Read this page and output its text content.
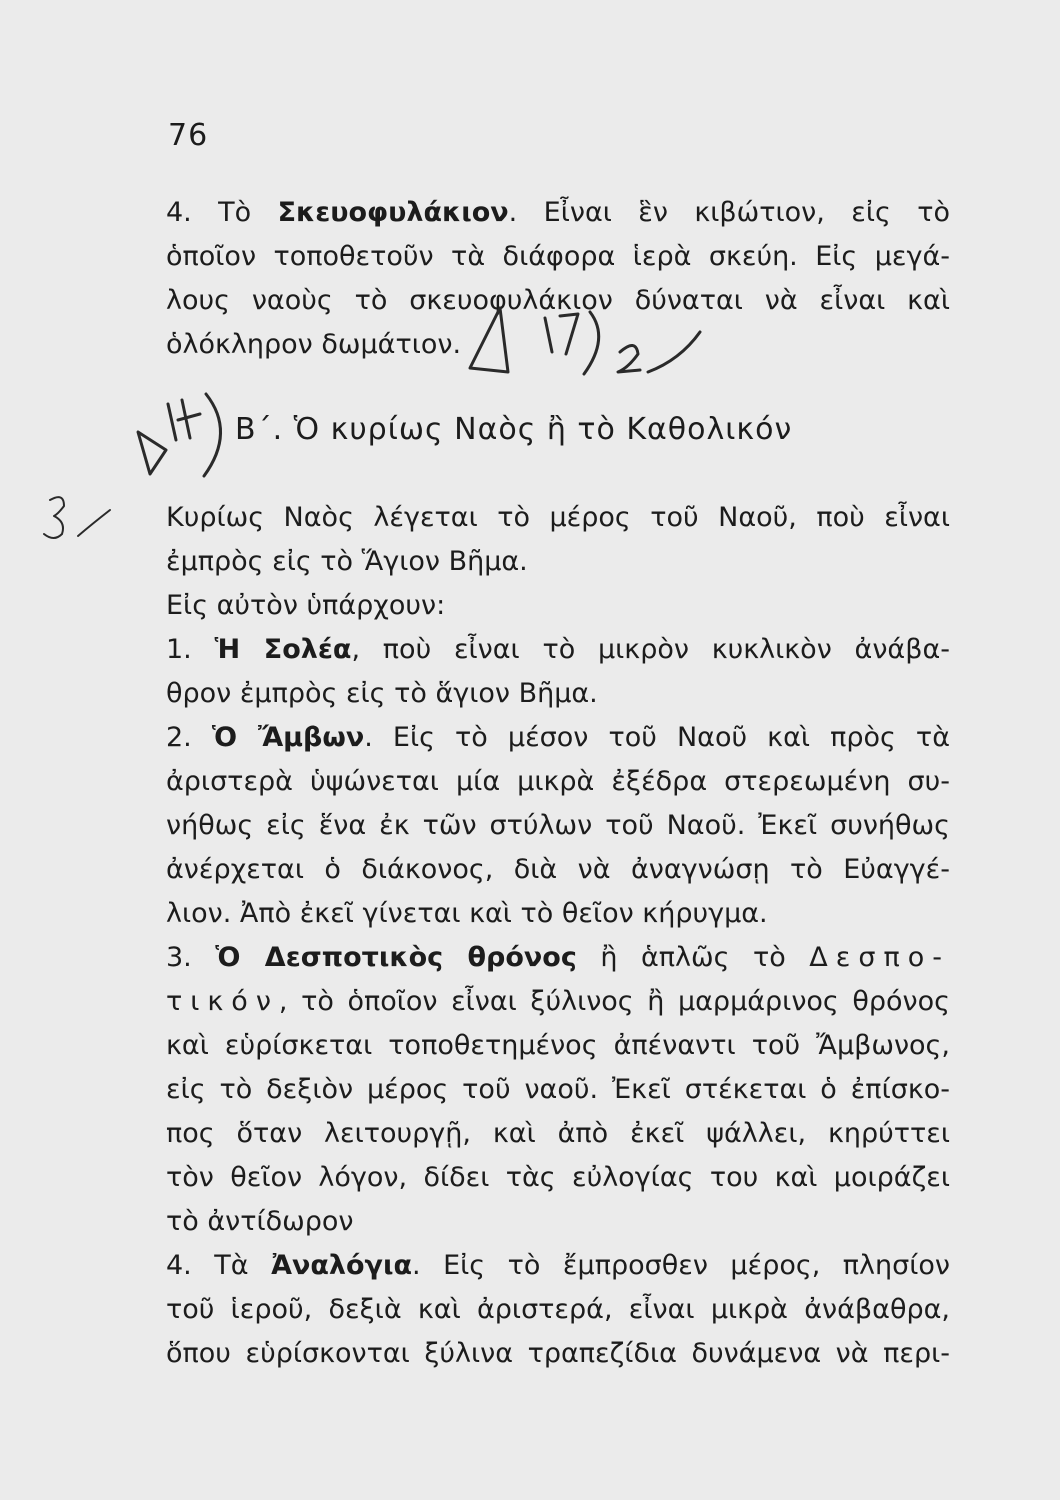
76
4. Τὸ Σκευοφυλάκιον. Εἶναι ἓν κιβώτιον, εἰς τὸ
ὁποῖον τοποθετοῦν τὰ διάφορα ἱερὰ σκεύη. Εἰς μεγά-
λους ναοὺς τὸ σκευοφυλάκιον δύναται νὰ εἶναι καὶ
ὁλόκληρον δωμάτιον.
Β΄. Ὁ κυρίως Ναὸς ἢ τὸ Καθολικόν
Κυρίως Ναὸς λέγεται τὸ μέρος τοῦ Ναοῦ, ποὺ εἶναι
ἐμπρὸς εἰς τὸ Ἅγιον Βῆμα.
Εἰς αὐτὸν ὑπάρχουν:
1. Ἡ Σολέα, ποὺ εἶναι τὸ μικρὸν κυκλικὸν ἀνάβα-
θρον ἐμπρὸς εἰς τὸ ἅγιον Βῆμα.
2. Ὁ Ἄμβων. Εἰς τὸ μέσον τοῦ Ναοῦ καὶ πρὸς τὰ
ἀριστερὰ ὑψώνεται μία μικρὰ ἐξέδρα στερεωμένη συ-
νήθως εἰς ἕνα ἐκ τῶν στύλων τοῦ Ναοῦ. Ἐκεῖ συνήθως
ἀνέρχεται ὁ διάκονος, διὰ νὰ ἀναγνώσῃ τὸ Εὐαγγέ-
λιον. Ἀπὸ ἐκεῖ γίνεται καὶ τὸ θεῖον κήρυγμα.
3. Ὁ Δεσποτικὸς θρόνος ἢ ἁπλῶς τὸ Δεσπο-
τικόν, τὸ ὁποῖον εἶναι ξύλινος ἢ μαρμάρινος θρόνος
καὶ εὑρίσκεται τοποθετημένος ἀπέναντι τοῦ Ἄμβωνος,
εἰς τὸ δεξιὸν μέρος τοῦ ναοῦ. Ἐκεῖ στέκεται ὁ ἐπίσκο-
πος ὅταν λειτουργῇ, καὶ ἀπὸ ἐκεῖ ψάλλει, κηρύττει
τὸν θεῖον λόγον, δίδει τὰς εὐλογίας του καὶ μοιράζει
τὸ ἀντίδωρον
4. Τὰ Ἀναλόγια. Εἰς τὸ ἔμπροσθεν μέρος, πλησίον
τοῦ ἱεροῦ, δεξιὰ καὶ ἀριστερά, εἶναι μικρὰ ἀνάβαθρα,
ὅπου εὑρίσκονται ξύλινα τραπεζίδια δυνάμενα νὰ περι-
